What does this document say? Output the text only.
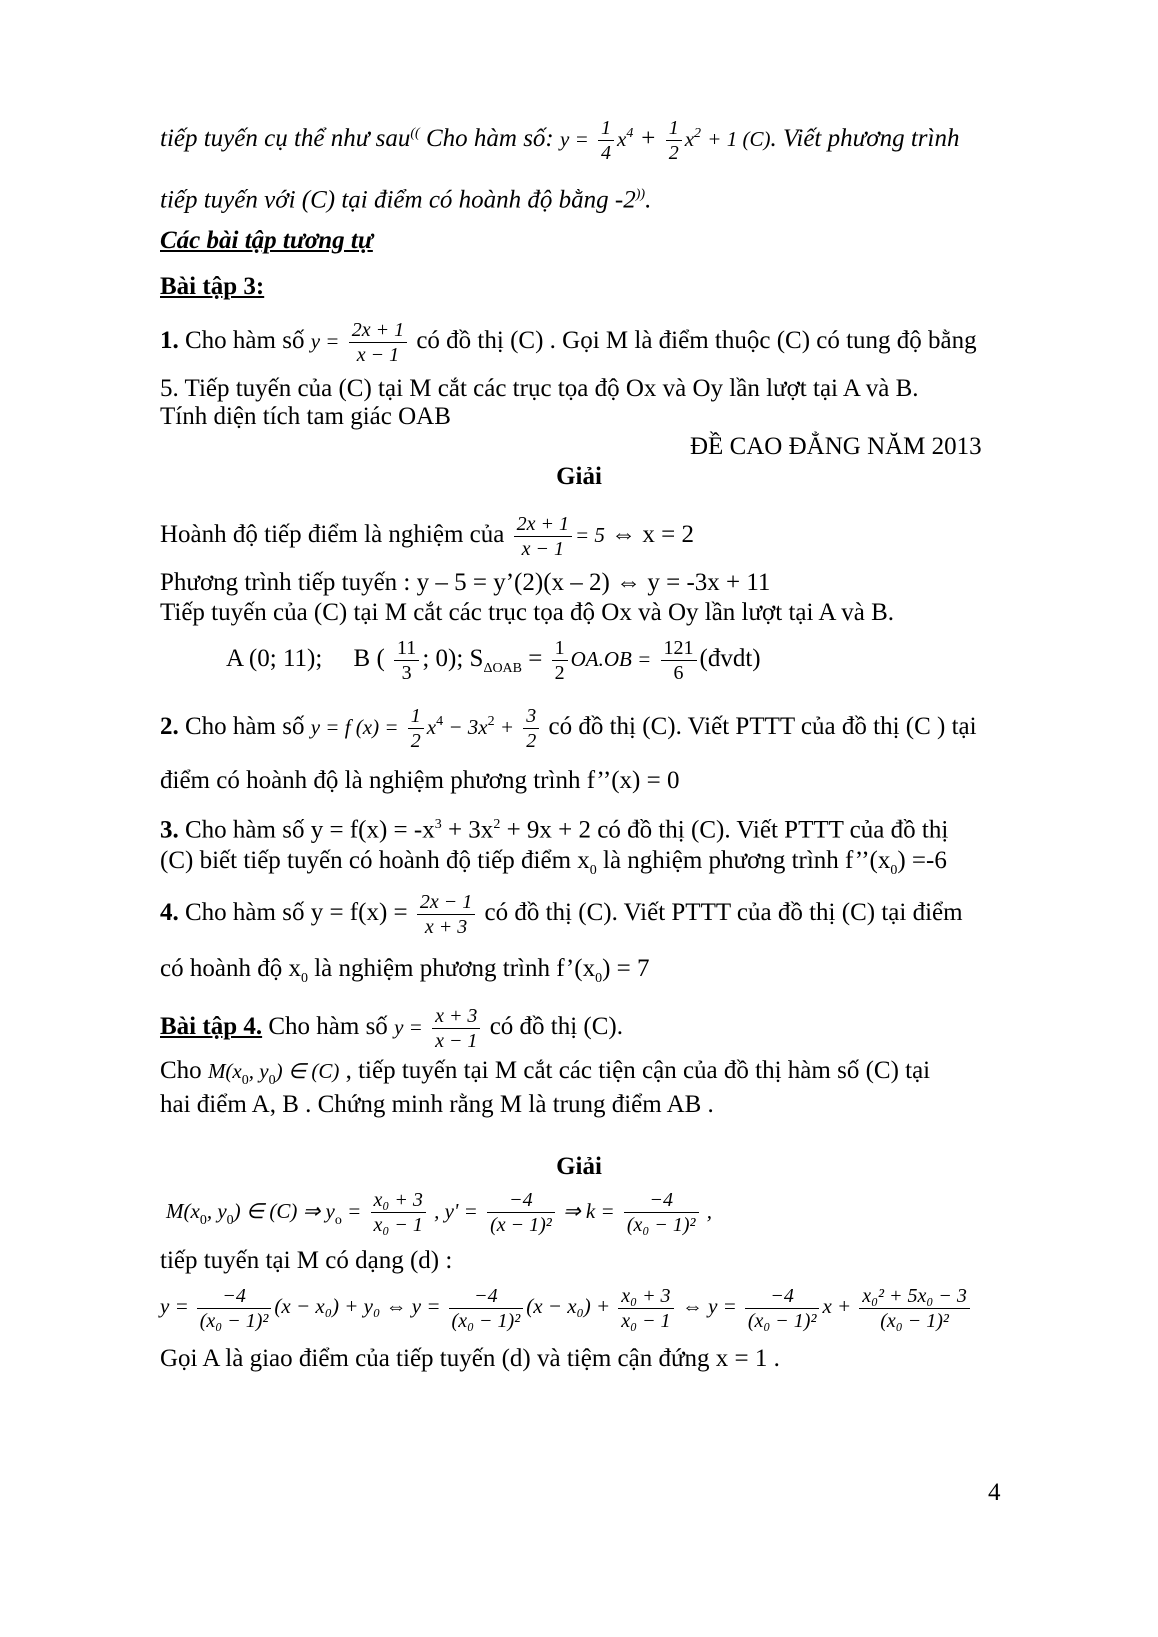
tiếp tuyến cụ thể như sau(( Cho hàm số: $y = \frac{1}{4} x^4 + \frac{1}{2} x^2 + 1$ (C). Viết phương trình
tiếp tuyến với (C) tại điểm có hoành độ bằng -2)).
Các bài tập tương tự
Bài tập 3:
1. Cho hàm số $y = \frac{2x + 1}{x - 1}$ có đồ thị (C) . Gọi M là điểm thuộc (C) có tung độ bằng
5. Tiếp tuyến của (C) tại M cắt các trục tọa độ Ox và Oy lần lượt tại A và B.
Tính diện tích tam giác OAB
ĐỀ CAO ĐẲNG NĂM 2013
Giải
Hoành độ tiếp điểm là nghiệm của $\frac{2x + 1}{x - 1} = 5$ ⇔ x = 2
Phương trình tiếp tuyến : y – 5 = y’(2)(x – 2) ⇔ y = -3x + 11
Tiếp tuyến của (C) tại M cắt các trục tọa độ Ox và Oy lần lượt tại A và B.
A (0; 11); B ( $\frac{11}{3}$ ; 0); $S_{\Delta OAB} = \frac{1}{2} OA.OB = \frac{121}{6}$ (đvdt)
2. Cho hàm số y = f $(x) = \frac{1}{2} x^4 - 3x^2 + \frac{3}{2}$ có đồ thị (C). Viết PTTT của đồ thị (C ) tại
điểm có hoành độ là nghiệm phương trình f’’(x) = 0
3. Cho hàm số $y = f(x) = -x^3 + 3x^2 + 9x + 2$ có đồ thị (C). Viết PTTT của đồ thị
(C) biết tiếp tuyến có hoành độ tiếp điểm $x_0$ là nghiệm phương trình $f’’(x_0) =-6$
4. Cho hàm số $y = f(x) = \frac{2x - 1}{x + 3}$ có đồ thị (C). Viết PTTT của đồ thị (C) tại điểm
có hoành độ $x_0$ là nghiệm phương trình $f’(x_0) = 7$
Bài tập 4. Cho hàm số $y = \frac{x + 3}{x - 1}$ có đồ thị (C).
Cho $M(x_0$, $y_0$) ∈ (C) , tiếp tuyến tại M cắt các tiện cận của đồ thị hàm số (C) tại
hai điểm A, B . Chứng minh rằng M là trung điểm AB .
Giải
$M(x_0$, $y_0$) ∈ (C) ⇒ $y_o = \frac{\text{x₀ + 3}}{\text{x₀ − 1}}$ , $y' = \frac{-4}{\text{(x − 1)²}}$ ⇒ $k = \frac{-4}{\text{(x₀ − 1)²}}$ ,
tiếp tuyến tại M có dạng (d) :
$y = \frac{-4}{\text{(x₀ − 1)²}} (x - x_0) + y_0$ ⇔ $y = \frac{-4}{\text{(x₀ − 1)²}} (x - x_0) + \frac{\text{x₀ + 3}}{\text{x₀ − 1}}$ ⇔ $y = \frac{-4}{\text{(x₀ − 1)²}}$ $x + \frac{\text{x₀² + 5x₀ − 3}}{\text{(x₀ − 1)²}}$
Gọi A là giao điểm của tiếp tuyến (d) và tiệm cận đứng x = 1 .
4
